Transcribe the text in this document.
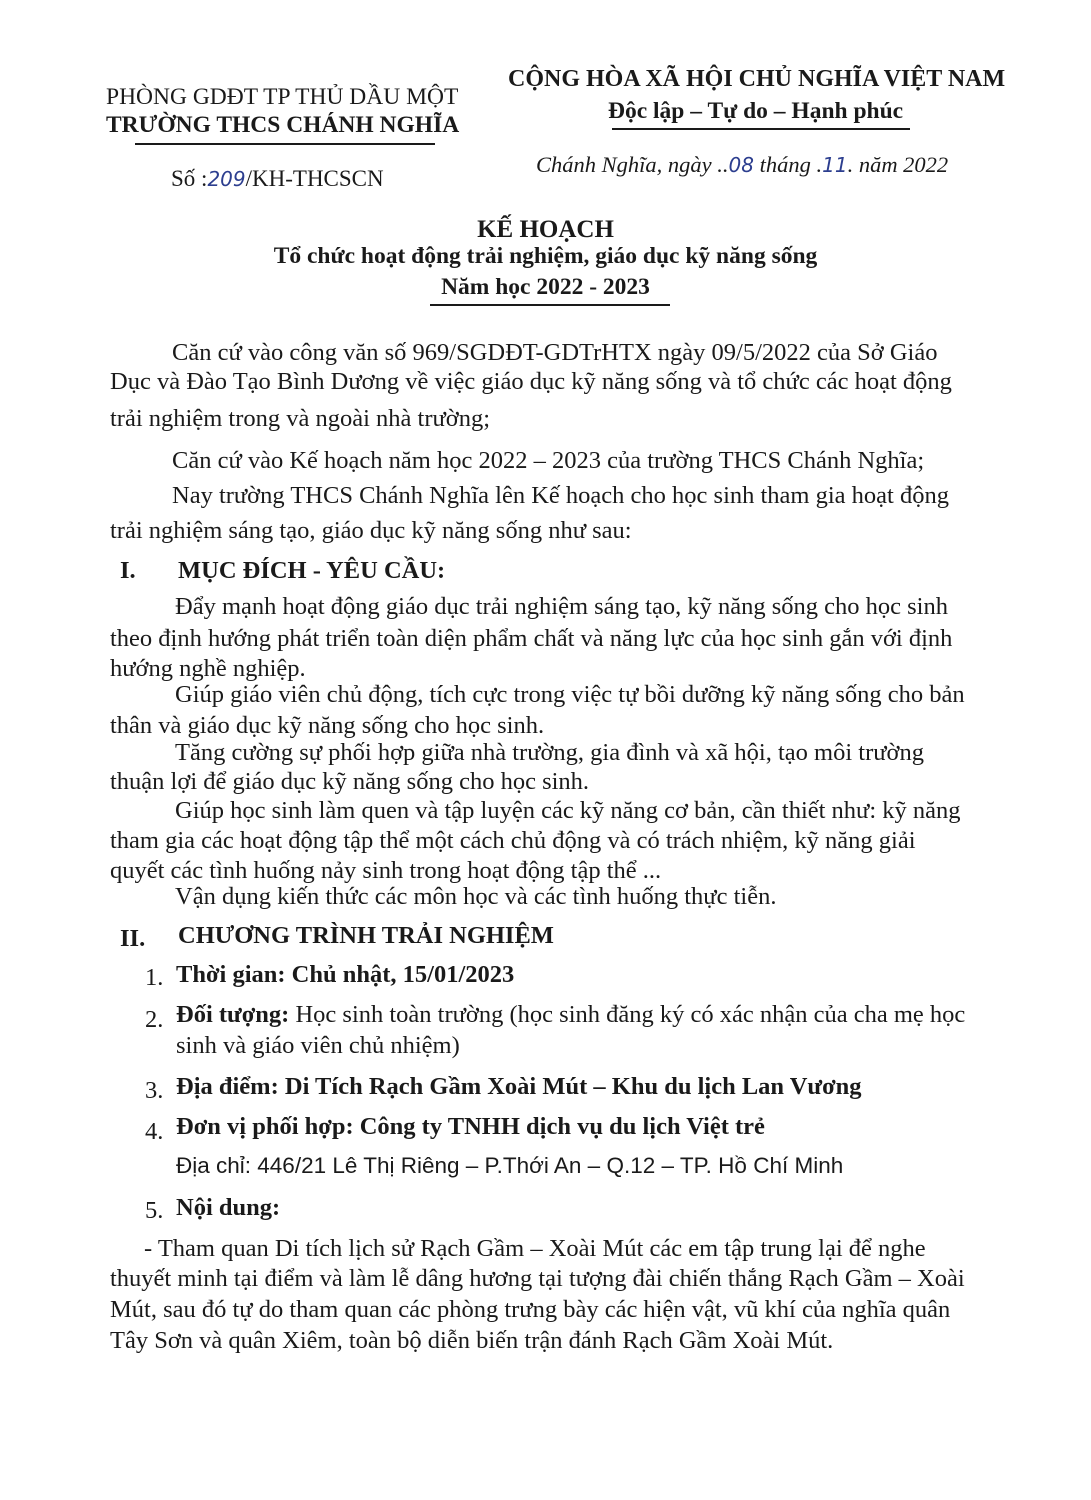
PHÒNG GDĐT TP THỦ DẦU MỘT
TRƯỜNG THCS CHÁNH NGHĨA
CỘNG HÒA XÃ HỘI CHỦ NGHĨA VIỆT NAM
Độc lập – Tự do – Hạnh phúc
Số :209/KH-THCSCN
Chánh Nghĩa, ngày ..08 tháng .11. năm 2022
KẾ HOẠCH
Tổ chức hoạt động trải nghiệm, giáo dục kỹ năng sống
Năm học 2022 - 2023
Căn cứ vào công văn số 969/SGDĐT-GDTrHTX ngày 09/5/2022 của Sở Giáo
Dục và Đào Tạo Bình Dương về việc giáo dục kỹ năng sống và tổ chức các hoạt động
trải nghiệm trong và ngoài nhà trường;
Căn cứ vào Kế hoạch năm học 2022 – 2023 của trường THCS Chánh Nghĩa;
Nay trường THCS Chánh Nghĩa lên Kế hoạch cho học sinh tham gia hoạt động
trải nghiệm sáng tạo, giáo dục kỹ năng sống như sau:
I. MỤC ĐÍCH - YÊU CẦU:
Đẩy mạnh hoạt động giáo dục trải nghiệm sáng tạo, kỹ năng sống cho học sinh
theo định hướng phát triển toàn diện phẩm chất và năng lực của học sinh gắn với định
hướng nghề nghiệp.
Giúp giáo viên chủ động, tích cực trong việc tự bồi dưỡng kỹ năng sống cho bản
thân và giáo dục kỹ năng sống cho học sinh.
Tăng cường sự phối hợp giữa nhà trường, gia đình và xã hội, tạo môi trường
thuận lợi để giáo dục kỹ năng sống cho học sinh.
Giúp học sinh làm quen và tập luyện các kỹ năng cơ bản, cần thiết như: kỹ năng
tham gia các hoạt động tập thể một cách chủ động và có trách nhiệm, kỹ năng giải
quyết các tình huống nảy sinh trong hoạt động tập thể ...
Vận dụng kiến thức các môn học và các tình huống thực tiễn.
II. CHƯƠNG TRÌNH TRẢI NGHIỆM
1. Thời gian: Chủ nhật, 15/01/2023
2. Đối tượng: Học sinh toàn trường (học sinh đăng ký có xác nhận của cha mẹ học
sinh và giáo viên chủ nhiệm)
3. Địa điểm: Di Tích Rạch Gầm Xoài Mút – Khu du lịch Lan Vương
4. Đơn vị phối hợp: Công ty TNHH dịch vụ du lịch Việt trẻ
Địa chỉ: 446/21 Lê Thị Riêng – P.Thới An – Q.12 – TP. Hồ Chí Minh
5. Nội dung:
- Tham quan Di tích lịch sử Rạch Gầm – Xoài Mút các em tập trung lại để nghe
thuyết minh tại điểm và làm lễ dâng hương tại tượng đài chiến thắng Rạch Gầm – Xoài
Mút, sau đó tự do tham quan các phòng trưng bày các hiện vật, vũ khí của nghĩa quân
Tây Sơn và quân Xiêm, toàn bộ diễn biến trận đánh Rạch Gầm Xoài Mút.
